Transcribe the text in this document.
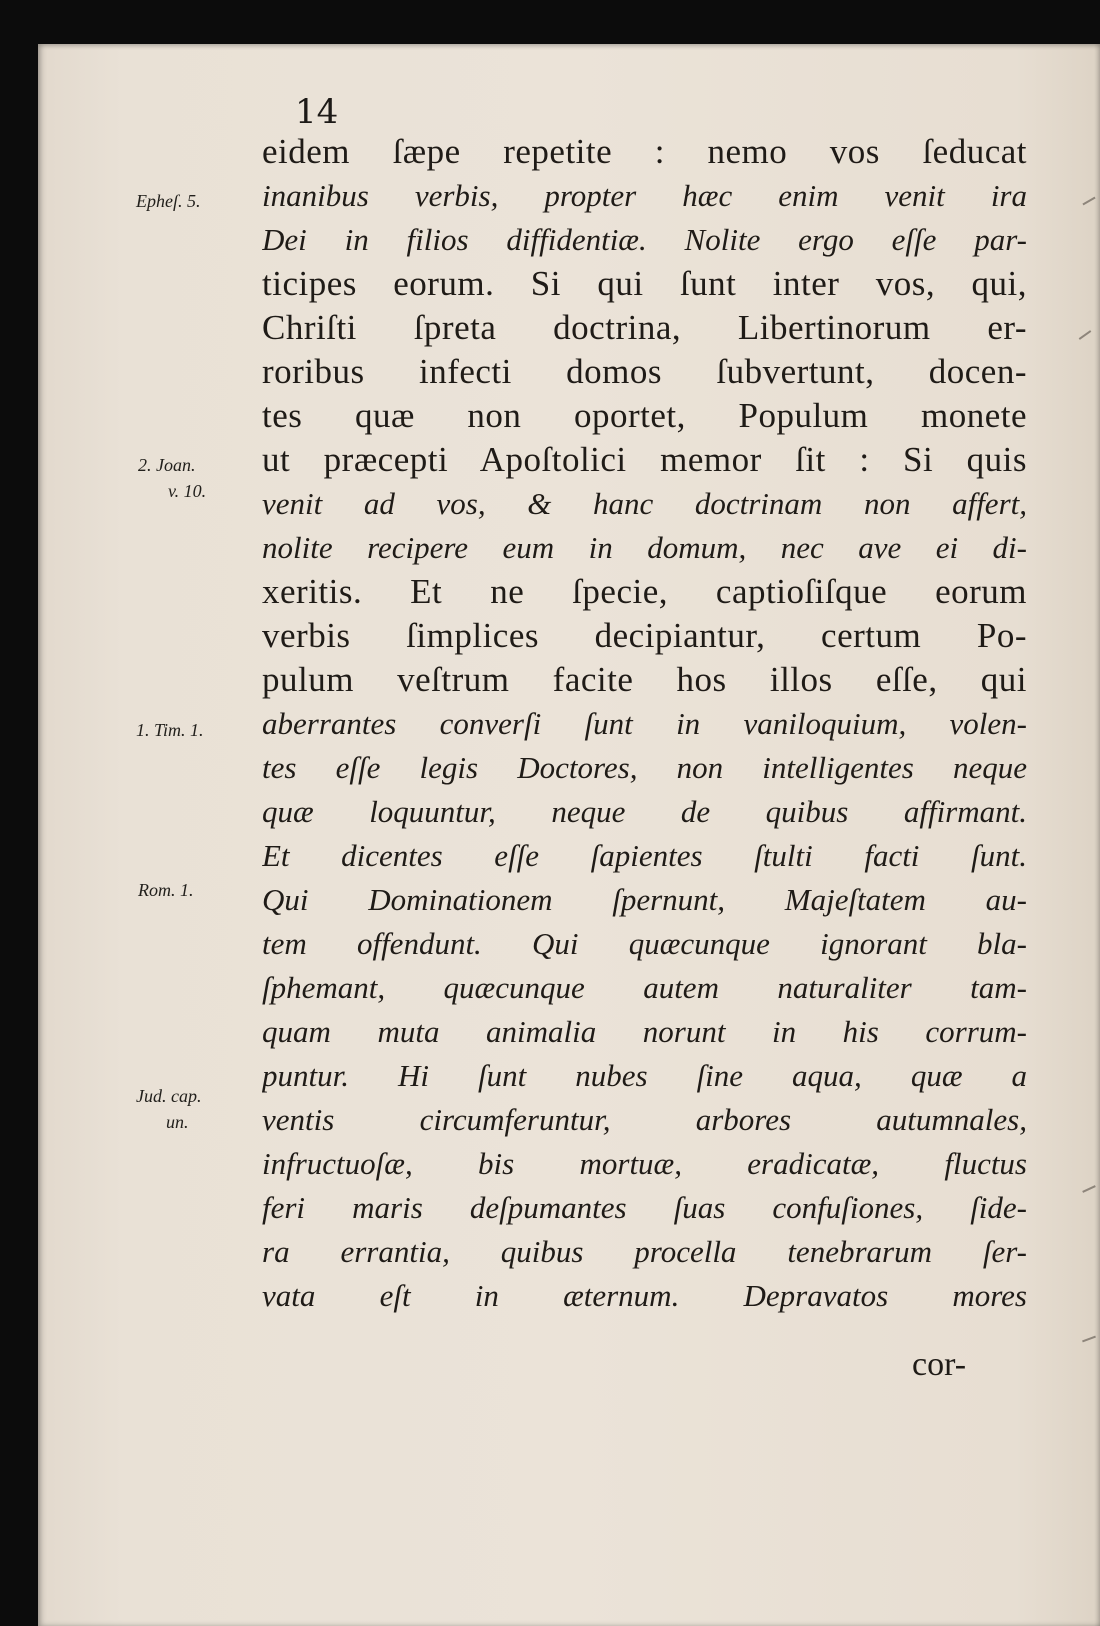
14
eidem ſæpe repetite : nemo vos ſeducat
inanibus verbis, propter hæc enim venit ira
Dei in filios diffidentiæ. Nolite ergo eſſe par-
ticipes eorum. Si qui ſunt inter vos, qui,
Chriſti ſpreta doctrina, Libertinorum er-
roribus infecti domos ſubvertunt, docen-
tes quæ non oportet, Populum monete
ut præcepti Apoſtolici memor ſit : Si quis
venit ad vos, & hanc doctrinam non affert,
nolite recipere eum in domum, nec ave ei di-
xeritis. Et ne ſpecie, captioſiſque eorum
verbis ſimplices decipiantur, certum Po-
pulum veſtrum facite hos illos eſſe, qui
aberrantes converſi ſunt in vaniloquium, volen-
tes eſſe legis Doctores, non intelligentes neque
quæ loquuntur, neque de quibus affirmant.
Et dicentes eſſe ſapientes ſtulti facti ſunt.
Qui Dominationem ſpernunt, Majeſtatem au-
tem offendunt. Qui quæcunque ignorant bla-
ſphemant, quæcunque autem naturaliter tam-
quam muta animalia norunt in his corrum-
puntur. Hi ſunt nubes ſine aqua, quæ a
ventis circumferuntur, arbores autumnales,
infructuoſæ, bis mortuæ, eradicatæ, fluctus
feri maris deſpumantes ſuas confuſiones, ſide-
ra errantia, quibus procella tenebrarum ſer-
vata eſt in æternum. Depravatos mores
cor-
Epheſ. 5.
2. Joan.
v. 10.
1. Tim. 1.
Rom. 1.
Jud. cap.
un.
